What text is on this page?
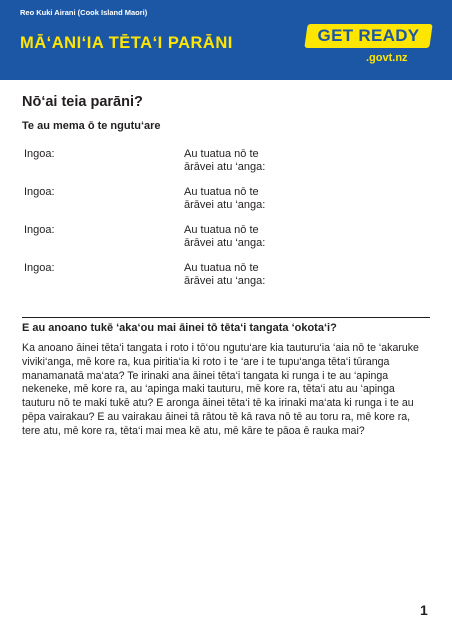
Reo Kuki Airani (Cook Island Maori)
MĀ‘ANI‘IA TĒTA‘I PARĀNI	GET READY
.govt.nz
Nō‘ai teia parāni?
Te au mema ō te ngutu‘are
Ingoa:	Au tuatua nō te
ārāvei atu ‘anga:
Ingoa:	Au tuatua nō te
ārāvei atu ‘anga:
Ingoa:	Au tuatua nō te
ārāvei atu ‘anga:
Ingoa:	Au tuatua nō te
ārāvei atu ‘anga:
E au anoano tukē ‘aka‘ou mai āinei tō tēta‘i tangata ‘okota‘i?

Ka anoano āinei tēta‘i tangata i roto i tō‘ou ngutu‘are kia tauturu‘ia ‘aia nō te ‘akaruke viviki‘anga, mē kore ra, kua piritia‘ia ki roto i te ‘are i te tupu‘anga tēta‘i tūranga manamanatā ma‘ata? Te irinaki ana āinei tēta‘i tangata ki runga i te au ‘apinga nekeneke, mē kore ra, au ‘apinga maki tauturu, mē kore ra, tēta‘i atu au ‘apinga tauturu nō te maki tukē atu? E aronga āinei tēta‘i tē ka irinaki ma‘ata ki runga i te au pēpa vairakau? E au vairakau āinei tā rātou tē kā rava nō tē au toru ra, mē kore ra, tere atu, mē kore ra, tēta‘i mai mea kē atu, mē kāre te pāoa ē rauka mai?

1
